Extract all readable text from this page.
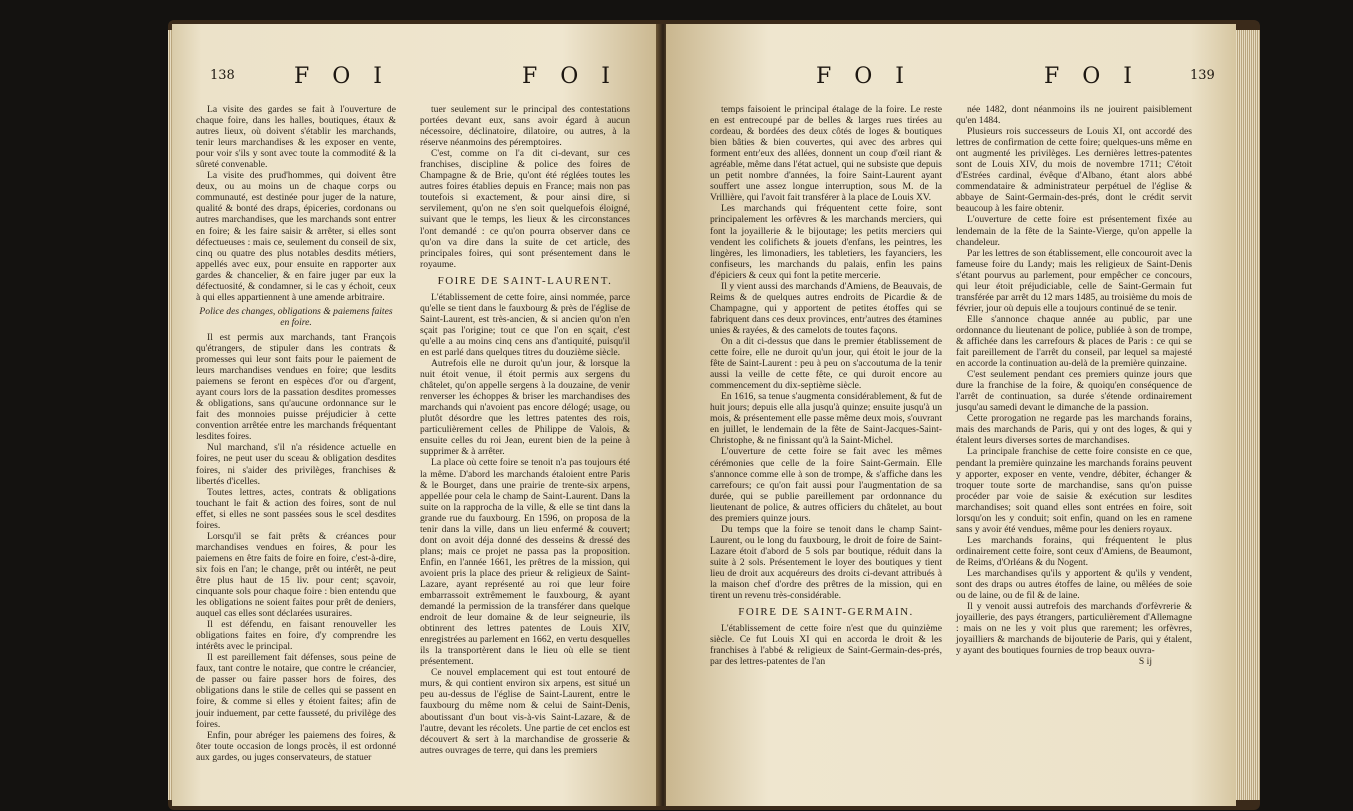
138	F O I	F O I

La visite des gardes se fait à l'ouverture de chaque foire, dans les halles, boutiques, étaux & autres lieux, où doivent s'établir les marchands, tenir leurs marchandises & les exposer en vente, pour voir s'ils y sont avec toute la commodité & la sûreté convenable.

La visite des prud'hommes, qui doivent être deux, ou au moins un de chaque corps ou communauté, est destinée pour juger de la nature, qualité & bonté des draps, épiceries, cordonans ou autres marchandises, que les marchands sont entrer en foire; & les faire saisir & arrêter, si elles sont défectueuses : mais ce, seulement du conseil de six, cinq ou quatre des plus notables desdits métiers, appellés avec eux, pour ensuite en rapporter aux gardes & chancelier, & en faire juger par eux la défectuosité, & condamner, si le cas y échoit, ceux à qui elles appartiennent à une amende arbitraire.

Police des changes, obligations & paiemens faites en foire.

Il est permis aux marchands, tant François qu'étrangers, de stipuler dans les contrats & promesses qui leur sont faits pour le paiement de leurs marchandises vendues en foire; que lesdits paiemens se feront en espèces d'or ou d'argent, ayant cours lors de la passation desdites promesses & obligations, sans qu'aucune ordonnance sur le fait des monnoies puisse préjudicier à cette convention arrêtée entre les marchands fréquentant lesdites foires.

Nul marchand, s'il n'a résidence actuelle en foires, ne peut user du sceau & obligation desdites foires, ni s'aider des privilèges, franchises & libertés d'icelles.

Toutes lettres, actes, contrats & obligations touchant le fait & action des foires, sont de nul effet, si elles ne sont passées sous le scel desdites foires.

Lorsqu'il se fait prêts & créances pour marchandises vendues en foires, & pour les paiemens en être faits de foire en foire, c'est-à-dire, six fois en l'an; le change, prêt ou intérêt, ne peut être plus haut de 15 liv. pour cent; sçavoir, cinquante sols pour chaque foire : bien entendu que les obligations ne soient faites pour prêt de deniers, auquel cas elles sont déclarées usuraires.

Il est défendu, en faisant renouveller les obligations faites en foire, d'y comprendre les intérêts avec le principal.

Il est pareillement fait défenses, sous peine de faux, tant contre le notaire, que contre le créancier, de passer ou faire passer hors de foires, des obligations dans le stile de celles qui se passent en foire, & comme si elles y étoient faites; afin de jouir induement, par cette fausseté, du privilège des foires.

Enfin, pour abréger les paiemens des foires, & ôter toute occasion de longs procès, il est ordonné aux gardes, ou juges conservateurs, de statuer

tuer seulement sur le principal des contestations portées devant eux, sans avoir égard à aucun nécessoire, déclinatoire, dilatoire, ou autres, à la réserve néanmoins des péremptoires.

C'est, comme on l'a dit ci-devant, sur ces franchises, discipline & police des foires de Champagne & de Brie, qu'ont été réglées toutes les autres foires établies depuis en France; mais non pas toutefois si exactement, & pour ainsi dire, si servilement, qu'on ne s'en soit quelquefois éloigné, suivant que le temps, les lieux & les circonstances l'ont demandé : ce qu'on pourra observer dans ce qu'on va dire dans la suite de cet article, des principales foires, qui sont présentement dans le royaume.

FOIRE DE SAINT-LAURENT.

L'établissement de cette foire, ainsi nommée, parce qu'elle se tient dans le fauxbourg & près de l'église de Saint-Laurent, est très-ancien, & si ancien qu'on n'en sçait pas l'origine; tout ce que l'on en sçait, c'est qu'elle a au moins cinq cens ans d'antiquité, puisqu'il en est parlé dans quelques titres du douzième siècle.

Autrefois elle ne duroit qu'un jour, & lorsque la nuit étoit venue, il étoit permis aux sergens du châtelet, qu'on appelle sergens à la douzaine, de venir renverser les échoppes & briser les marchandises des marchands qui n'avoient pas encore délogé; usage, ou plutôt désordre que les lettres patentes des rois, particulièrement celles de Philippe de Valois, & ensuite celles du roi Jean, eurent bien de la peine à supprimer & à arrêter.

La place où cette foire se tenoit n'a pas toujours été la même. D'abord les marchands étaloient entre Paris & le Bourget, dans une prairie de trente-six arpens, appellée pour cela le champ de Saint-Laurent. Dans la suite on la rapprocha de la ville, & elle se tint dans la grande rue du fauxbourg. En 1596, on proposa de la tenir dans la ville, dans un lieu enfermé & couvert; dont on avoit déja donné des desseins & dressé des plans; mais ce projet ne passa pas la proposition. Enfin, en l'année 1661, les prêtres de la mission, qui avoient pris la place des prieur & religieux de Saint-Lazare, ayant représenté au roi que leur foire embarrassoit extrêmement le fauxbourg, & ayant demandé la permission de la transférer dans quelque endroit de leur domaine & de leur seigneurie, ils obtinrent des lettres patentes de Louis XIV, enregistrées au parlement en 1662, en vertu desquelles ils la transportèrent dans le lieu où elle se tient présentement.

Ce nouvel emplacement qui est tout entouré de murs, & qui contient environ six arpens, est situé un peu au-dessus de l'église de Saint-Laurent, entre le fauxbourg du même nom & celui de Saint-Denis, aboutissant d'un bout vis-à-vis Saint-Lazare, & de l'autre, devant les récolets. Une partie de cet enclos est découvert & sert à la marchandise de grosserie & autres ouvrages de terre, qui dans les premiers

F O I	F O I	139

temps faisoient le principal étalage de la foire. Le reste en est entrecoupé par de belles & larges rues tirées au cordeau, & bordées des deux côtés de loges & boutiques bien bâties & bien couvertes, qui avec des arbres qui forment entr'eux des allées, donnent un coup d'œil riant & agréable, même dans l'état actuel, qui ne subsiste que depuis un petit nombre d'années, la foire Saint-Laurent ayant souffert une assez longue interruption, sous M. de la Vrillière, qui l'avoit fait transférer à la place de Louis XV.

Les marchands qui fréquentent cette foire, sont principalement les orfèvres & les marchands merciers, qui font la joyaillerie & le bijoutage; les petits merciers qui vendent les colifichets & jouets d'enfans, les peintres, les lingères, les limonadiers, les tabletiers, les fayanciers, les confiseurs, les marchands du palais, enfin les pains d'épiciers & ceux qui font la petite mercerie.

Il y vient aussi des marchands d'Amiens, de Beauvais, de Reims & de quelques autres endroits de Picardie & de Champagne, qui y apportent de petites étoffes qui se fabriquent dans ces deux provinces, entr'autres des étamines unies & rayées, & des camelots de toutes façons.

On a dit ci-dessus que dans le premier établissement de cette foire, elle ne duroit qu'un jour, qui étoit le jour de la fête de Saint-Laurent : peu à peu on s'accoutuma de la tenir aussi la veille de cette fête, ce qui duroit encore au commencement du dix-septième siècle.

En 1616, sa tenue s'augmenta considérablement, & fut de huit jours; depuis elle alla jusqu'à quinze; ensuite jusqu'à un mois, & présentement elle passe même deux mois, s'ouvrant en juillet, le lendemain de la fête de Saint-Jacques-Saint-Christophe, & ne finissant qu'à la Saint-Michel.

L'ouverture de cette foire se fait avec les mêmes cérémonies que celle de la foire Saint-Germain. Elle s'annonce comme elle à son de trompe, & s'affiche dans les carrefours; ce qu'on fait aussi pour l'augmentation de sa durée, qui se publie pareillement par ordonnance du lieutenant de police, & autres officiers du châtelet, au bout des premiers quinze jours.

Du temps que la foire se tenoit dans le champ Saint-Laurent, ou le long du fauxbourg, le droit de foire de Saint-Lazare étoit d'abord de 5 sols par boutique, réduit dans la suite à 2 sols. Présentement le loyer des boutiques y tient lieu de droit aux acquéreurs des droits ci-devant attribués à la maison chef d'ordre des prêtres de la mission, qui en tirent un revenu très-considérable.

FOIRE DE SAINT-GERMAIN.

L'établissement de cette foire n'est que du quinzième siècle. Ce fut Louis XI qui en accorda le droit & les franchises à l'abbé & religieux de Saint-Germain-des-prés, par des lettres-patentes de l'an

née 1482, dont néanmoins ils ne jouirent paisiblement qu'en 1484.

Plusieurs rois successeurs de Louis XI, ont accordé des lettres de confirmation de cette foire; quelques-uns même en ont augmenté les privilèges. Les dernières lettres-patentes sont de Louis XIV, du mois de novembre 1711; C'étoit d'Estrées cardinal, évêque d'Albano, étant alors abbé commendataire & administrateur perpétuel de l'église & abbaye de Saint-Germain-des-prés, dont le crédit servit beaucoup à les faire obtenir.

L'ouverture de cette foire est présentement fixée au lendemain de la fête de la Sainte-Vierge, qu'on appelle la chandeleur.

Par les lettres de son établissement, elle concouroit avec la fameuse foire du Landy; mais les religieux de Saint-Denis s'étant pourvus au parlement, pour empêcher ce concours, qui leur étoit préjudiciable, celle de Saint-Germain fut transférée par arrêt du 12 mars 1485, au troisième du mois de février, jour où depuis elle a toujours continué de se tenir.

Elle s'annonce chaque année au public, par une ordonnance du lieutenant de police, publiée à son de trompe, & affichée dans les carrefours & places de Paris : ce qui se fait pareillement de l'arrêt du conseil, par lequel sa majesté en accorde la continuation au-delà de la première quinzaine.

C'est seulement pendant ces premiers quinze jours que dure la franchise de la foire, & quoiqu'en conséquence de l'arrêt de continuation, sa durée s'étende ordinairement jusqu'au samedi devant le dimanche de la passion.

Cette prorogation ne regarde pas les marchands forains, mais des marchands de Paris, qui y ont des loges, & qui y étalent leurs diverses sortes de marchandises.

La principale franchise de cette foire consiste en ce que, pendant la première quinzaine les marchands forains peuvent y apporter, exposer en vente, vendre, débiter, échanger & troquer toute sorte de marchandise, sans qu'on puisse procéder par voie de saisie & exécution sur lesdites marchandises; soit quand elles sont entrées en foire, soit lorsqu'on les y conduit; soit enfin, quand on les en ramene sans y avoir été vendues, même pour les deniers royaux.

Les marchands forains, qui fréquentent le plus ordinairement cette foire, sont ceux d'Amiens, de Beaumont, de Reims, d'Orléans & du Nogent.

Les marchandises qu'ils y apportent & qu'ils y vendent, sont des draps ou autres étoffes de laine, ou mêlées de soie ou de laine, ou de fil & de laine.

Il y venoit aussi autrefois des marchands d'orfèvrerie & joyaillerie, des pays étrangers, particulièrement d'Allemagne : mais on ne les y voit plus que rarement; les orfèvres, joyailliers & marchands de bijouterie de Paris, qui y étalent, y ayant des boutiques fournies de trop beaux ouvra-

S ij
